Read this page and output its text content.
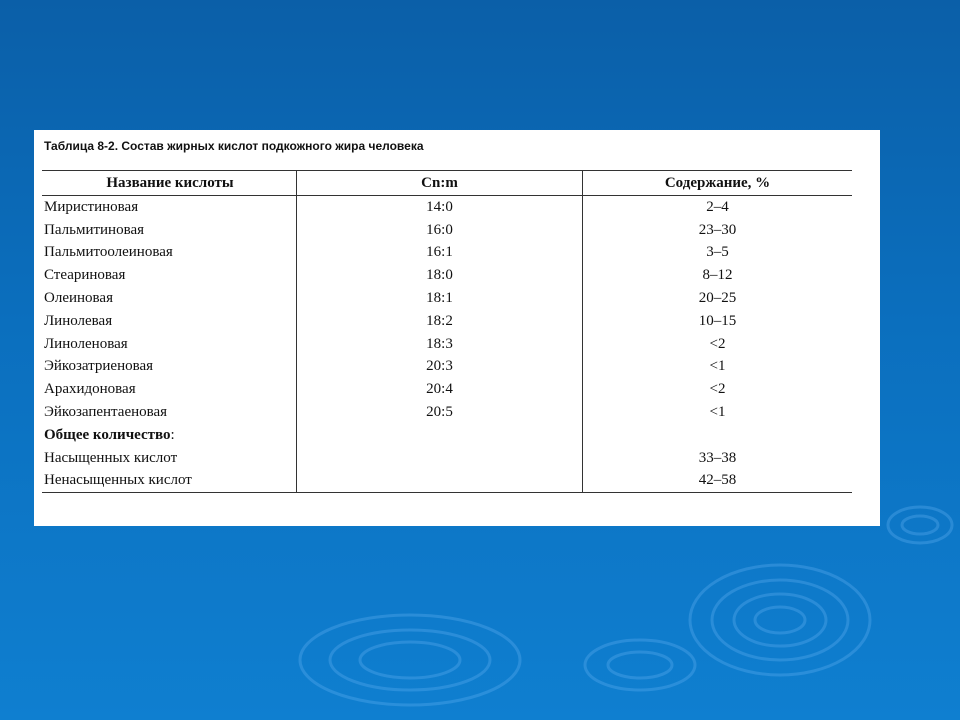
Таблица 8-2. Состав жирных кислот подкожного жира человека
Название кислоты	Cn:m	Содержание, %
Миристиновая	14:0	2–4
Пальмитиновая	16:0	23–30
Пальмитоолеиновая	16:1	3–5
Стеариновая	18:0	8–12
Олеиновая	18:1	20–25
Линолевая	18:2	10–15
Линоленовая	18:3	<2
Эйкозатриеновая	20:3	<1
Арахидоновая	20:4	<2
Эйкозапентаеновая	20:5	<1
Общее количество:		
Насыщенных кислот		33–38
Ненасыщенных кислот		42–58
